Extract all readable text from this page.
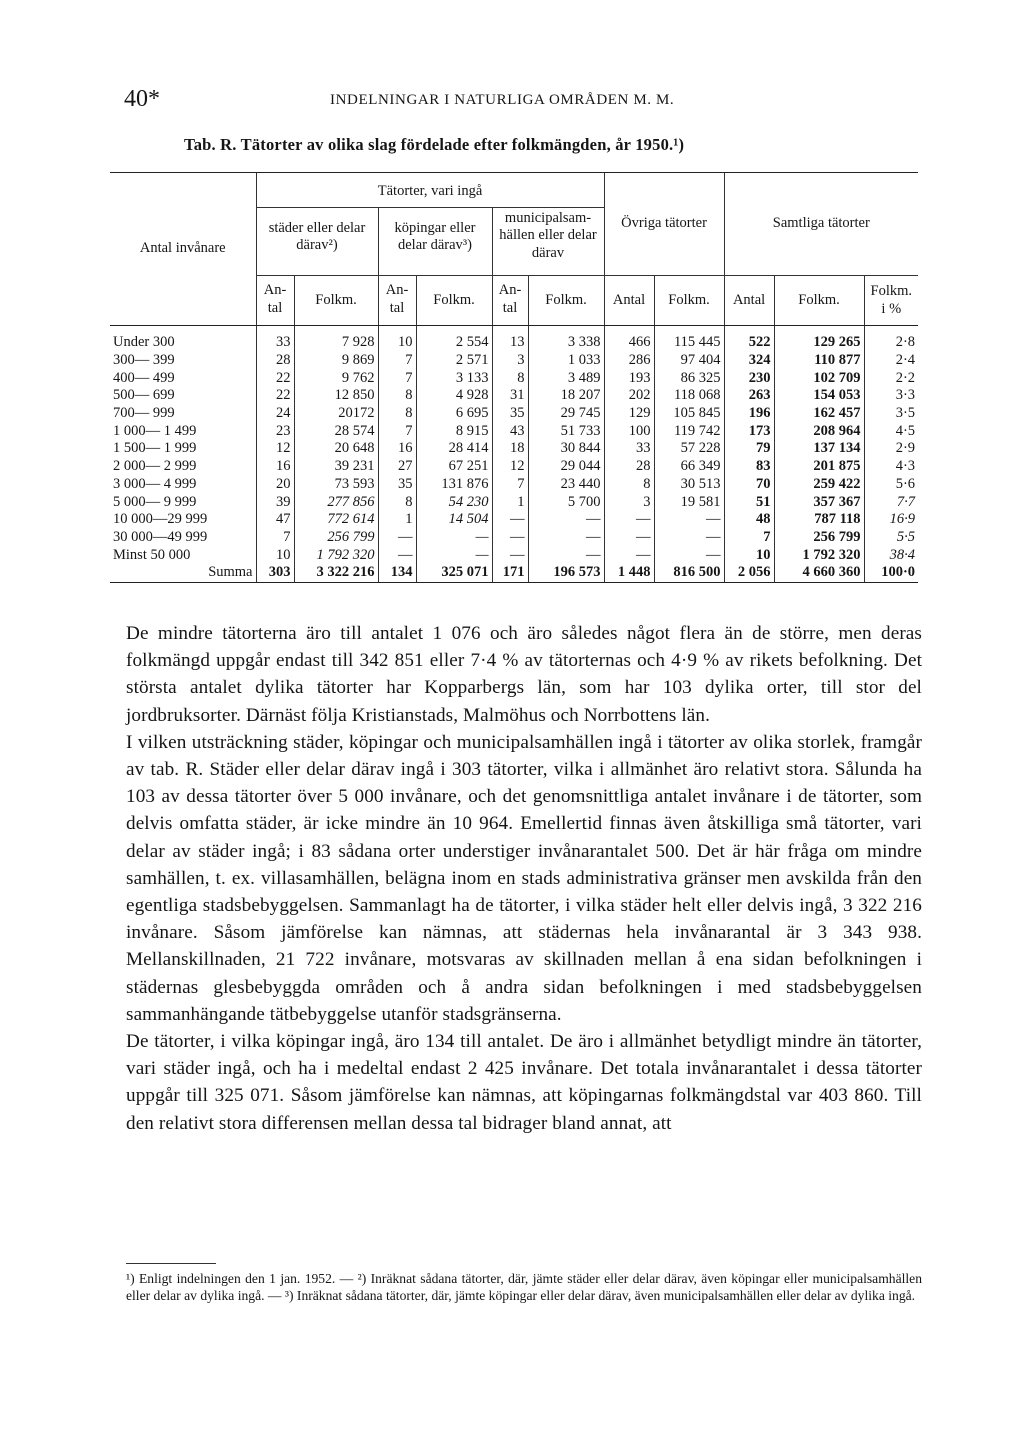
40*	INDELNINGAR I NATURLIGA OMRÅDEN M. M.
Tab. R. Tätorter av olika slag fördelade efter folkmängden, år 1950.¹)
Antal invånare	Tätorter, vari ingå						Övriga tätorter		Samtliga tätorter		
	städer eller delar därav²)		köpingar eller delar därav³)		municipalsam-hällen eller delar därav						
	An-tal	Folkm.	An-tal	Folkm.	An-tal	Folkm.	Antal	Folkm.	Antal	Folkm.	Folkm. i %
Under 300	33	7 928	10	2 554	13	3 338	466	115 445	522	129 265	2·8
300— 399	28	9 869	7	2 571	3	1 033	286	97 404	324	110 877	2·4
400— 499	22	9 762	7	3 133	8	3 489	193	86 325	230	102 709	2·2
500— 699	22	12 850	8	4 928	31	18 207	202	118 068	263	154 053	3·3
700— 999	24	20172	8	6 695	35	29 745	129	105 845	196	162 457	3·5
1 000— 1 499	23	28 574	7	8 915	43	51 733	100	119 742	173	208 964	4·5
1 500— 1 999	12	20 648	16	28 414	18	30 844	33	57 228	79	137 134	2·9
2 000— 2 999	16	39 231	27	67 251	12	29 044	28	66 349	83	201 875	4·3
3 000— 4 999	20	73 593	35	131 876	7	23 440	8	30 513	70	259 422	5·6
5 000— 9 999	39	277 856	8	54 230	1	5 700	3	19 581	51	357 367	7·7
10 000—29 999	47	772 614	1	14 504	—	—	—	—	48	787 118	16·9
30 000—49 999	7	256 799	—	—	—	—	—	—	7	256 799	5·5
Minst 50 000	10	1 792 320	—	—	—	—	—	—	10	1 792 320	38·4
Summa	303	3 322 216	134	325 071	171	196 573	1 448	816 500	2 056	4 660 360	100·0

De mindre tätorterna äro till antalet 1 076 och äro således något flera än de större, men deras folkmängd uppgår endast till 342 851 eller 7·4 % av tätorternas och 4·9 % av rikets befolkning. Det största antalet dylika tätorter har Kopparbergs län, som har 103 dylika orter, till stor del jordbruksorter. Därnäst följa Kristianstads, Malmöhus och Norrbottens län.

I vilken utsträckning städer, köpingar och municipalsamhällen ingå i tätorter av olika storlek, framgår av tab. R. Städer eller delar därav ingå i 303 tätorter, vilka i allmänhet äro relativt stora. Sålunda ha 103 av dessa tätorter över 5 000 invånare, och det genomsnittliga antalet invånare i de tätorter, som delvis omfatta städer, är icke mindre än 10 964. Emellertid finnas även åtskilliga små tätorter, vari delar av städer ingå; i 83 sådana orter understiger invånarantalet 500. Det är här fråga om mindre samhällen, t. ex. villasamhällen, belägna inom en stads administrativa gränser men avskilda från den egentliga stadsbebyggelsen. Sammanlagt ha de tätorter, i vilka städer helt eller delvis ingå, 3 322 216 invånare. Såsom jämförelse kan nämnas, att städernas hela invånarantal är 3 343 938. Mellanskillnaden, 21 722 invånare, motsvaras av skillnaden mellan å ena sidan befolkningen i städernas glesbebyggda områden och å andra sidan befolkningen i med stadsbebyggelsen sammanhängande tätbebyggelse utanför stadsgränserna.

De tätorter, i vilka köpingar ingå, äro 134 till antalet. De äro i allmänhet betydligt mindre än tätorter, vari städer ingå, och ha i medeltal endast 2 425 invånare. Det totala invånarantalet i dessa tätorter uppgår till 325 071. Såsom jämförelse kan nämnas, att köpingarnas folkmängdstal var 403 860. Till den relativt stora differensen mellan dessa tal bidrager bland annat, att

¹) Enligt indelningen den 1 jan. 1952. — ²) Inräknat sådana tätorter, där, jämte städer eller delar därav, även köpingar eller municipalsamhällen eller delar av dylika ingå. — ³) Inräknat sådana tätorter, där, jämte köpingar eller delar därav, även municipalsamhällen eller delar av dylika ingå.
